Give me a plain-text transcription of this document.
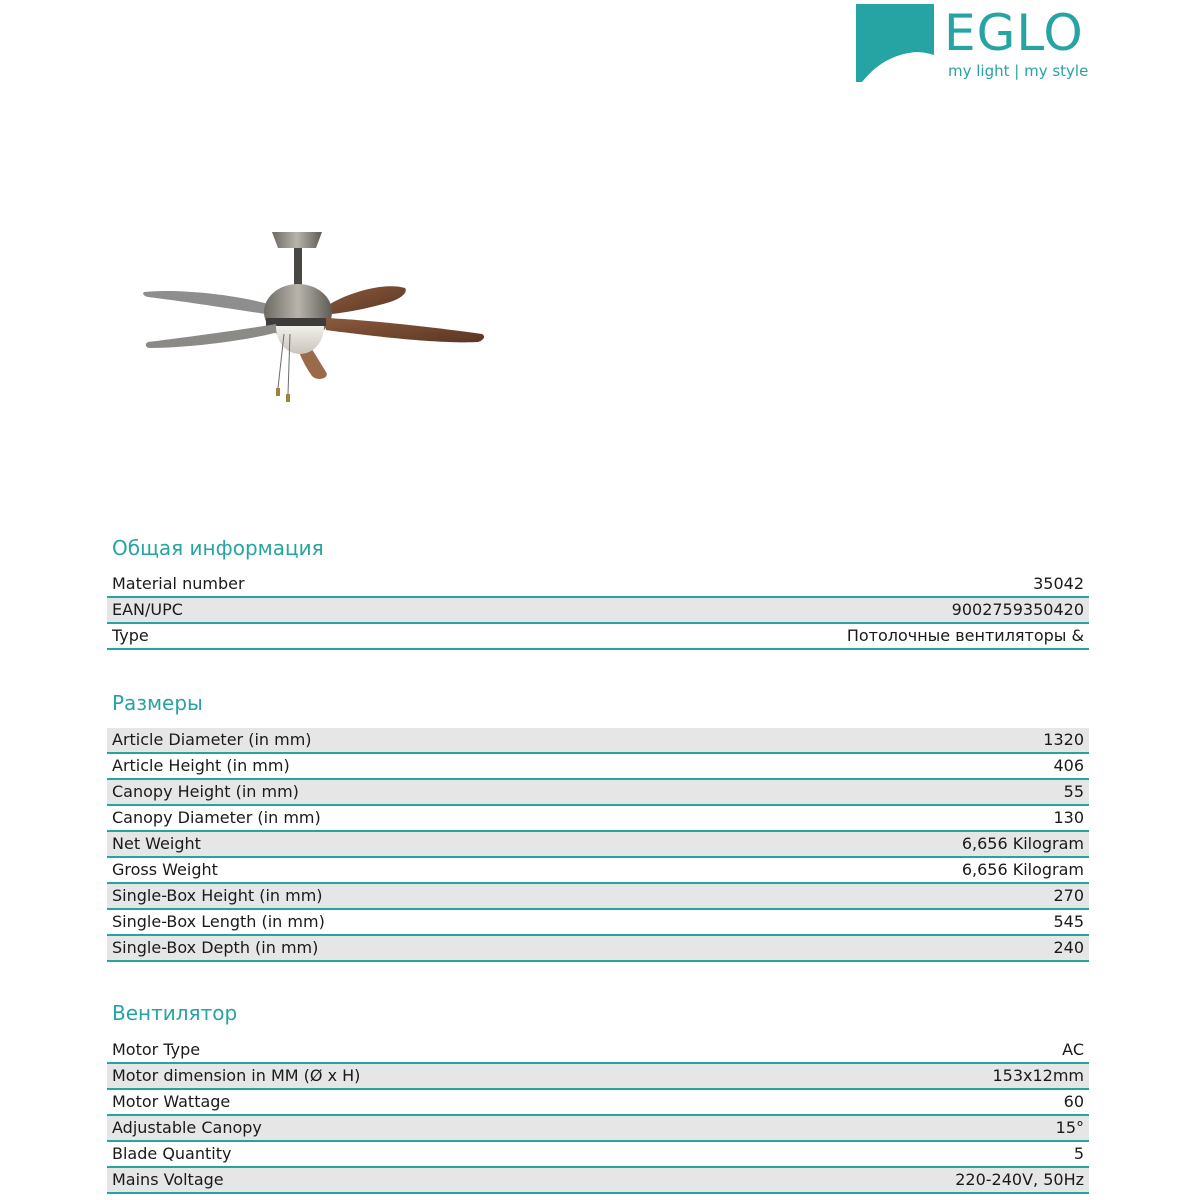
EGLO
my light | my style
Общая информация
Material number	35042
EAN/UPC	9002759350420
Type	Потолочные вентиляторы &
Размеры
Article Diameter (in mm)	1320
Article Height (in mm)	406
Canopy Height (in mm)	55
Canopy Diameter (in mm)	130
Net Weight	6,656 Kilogram
Gross Weight	6,656 Kilogram
Single-Box Height (in mm)	270
Single-Box Length (in mm)	545
Single-Box Depth (in mm)	240
Вентилятор
Motor Type	AC
Motor dimension in MM (Ø x H)	153x12mm
Motor Wattage	60
Adjustable Canopy	15°
Blade Quantity	5
Mains Voltage	220-240V, 50Hz
